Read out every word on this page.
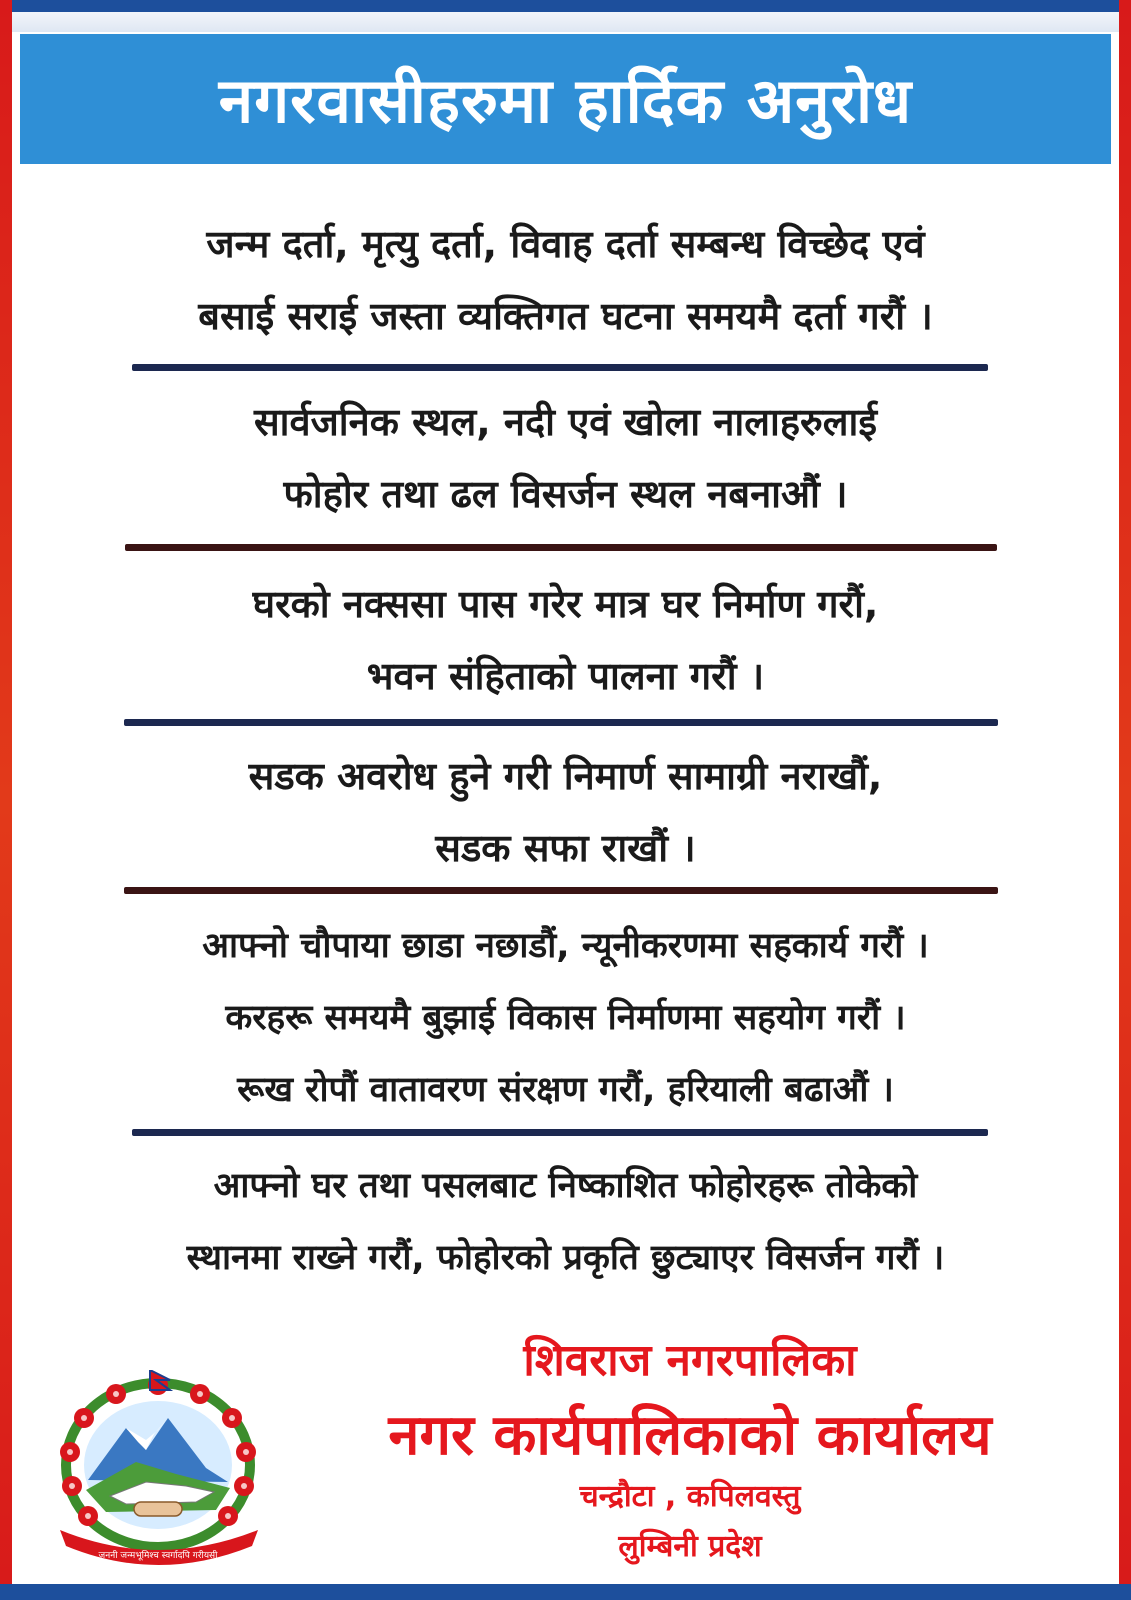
नगरवासीहरुमा हार्दिक अनुरोध
जन्म दर्ता, मृत्यु दर्ता, विवाह दर्ता सम्बन्ध विच्छेद एवं
बसाई सराई जस्ता व्यक्तिगत घटना समयमै दर्ता गरौं ।
सार्वजनिक स्थल, नदी एवं खोला नालाहरुलाई
फोहोर तथा ढल विसर्जन स्थल नबनाऔं ।
घरको नक्ससा पास गरेर मात्र घर निर्माण गरौं,
भवन संहिताको पालना गरौं ।
सडक अवरोध हुने गरी निमार्ण सामाग्री नराखौं,
सडक सफा राखौं ।
आफ्नो चौपाया छाडा नछाडौं, न्यूनीकरणमा सहकार्य गरौं ।
करहरू समयमै बुझाई विकास निर्माणमा सहयोग गरौं ।
रूख रोपौं वातावरण संरक्षण गरौं, हरियाली बढाऔं ।
आफ्नो घर तथा पसलबाट निष्काशित फोहोरहरू तोकेको
स्थानमा राख्ने गरौं, फोहोरको प्रकृति छुट्याएर विसर्जन गरौं ।
जननी जन्मभूमिश्च स्वर्गादपि गरीयसी
शिवराज नगरपालिका
नगर कार्यपालिकाको कार्यालय
चन्द्रौटा , कपिलवस्तु
लुम्बिनी प्रदेश
